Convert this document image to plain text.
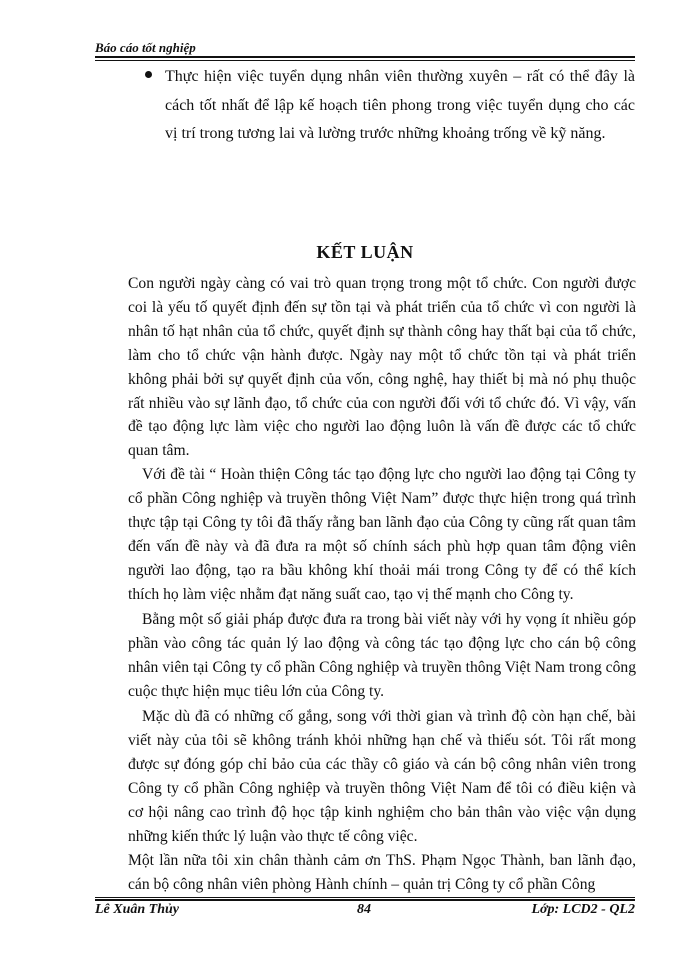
Báo cáo tốt nghiệp
Thực hiện việc tuyển dụng nhân viên thường xuyên – rất có thể đây là cách tốt nhất để lập kế hoạch tiên phong trong việc tuyển dụng cho các vị trí trong tương lai và lường trước những khoảng trống về kỹ năng.
KẾT LUẬN

Con người ngày càng có vai trò quan trọng trong một tổ chức. Con người được coi là yếu tố quyết định đến sự tồn tại và phát triển của tổ chức vì con người là nhân tố hạt nhân của tổ chức, quyết định sự thành công hay thất bại của tổ chức, làm cho tổ chức vận hành được. Ngày nay một tổ chức tồn tại và phát triển không phải bởi sự quyết định của vốn, công nghệ, hay thiết bị mà nó phụ thuộc rất nhiều vào sự lãnh đạo, tổ chức của con người đối với tổ chức đó. Vì vậy, vấn đề tạo động lực làm việc cho người lao động luôn là vấn đề được các tổ chức quan tâm.

Với đề tài “ Hoàn thiện Công tác tạo động lực cho người lao động tại Công ty cổ phần Công nghiệp và truyền thông Việt Nam” được thực hiện trong quá trình thực tập tại Công ty tôi đã thấy rằng ban lãnh đạo của Công ty cũng rất quan tâm đến vấn đề này và đã đưa ra một số chính sách phù hợp quan tâm động viên người lao động, tạo ra bầu không khí thoải mái trong Công ty để có thể kích thích họ làm việc nhằm đạt năng suất cao, tạo vị thế mạnh cho Công ty.

Bằng một số giải pháp được đưa ra trong bài viết này với hy vọng ít nhiều góp phần vào công tác quản lý lao động và công tác tạo động lực cho cán bộ công nhân viên tại Công ty cổ phần Công nghiệp và truyền thông Việt Nam trong công cuộc thực hiện mục tiêu lớn của Công ty.

Mặc dù đã có những cố gắng, song với thời gian và trình độ còn hạn chế, bài viết này của tôi sẽ không tránh khỏi những hạn chế và thiếu sót. Tôi rất mong được sự đóng góp chỉ bảo của các thầy cô giáo và cán bộ công nhân viên trong Công ty cổ phần Công nghiệp và truyền thông Việt Nam để tôi có điều kiện và cơ hội nâng cao trình độ học tập kinh nghiệm cho bản thân vào việc vận dụng những kiến thức lý luận vào thực tế công việc.

Một lần nữa tôi xin chân thành cảm ơn ThS. Phạm Ngọc Thành, ban lãnh đạo, cán bộ công nhân viên phòng Hành chính – quản trị Công ty cổ phần Công

Lê Xuân Thủy	84	Lớp: LCD2 - QL2
